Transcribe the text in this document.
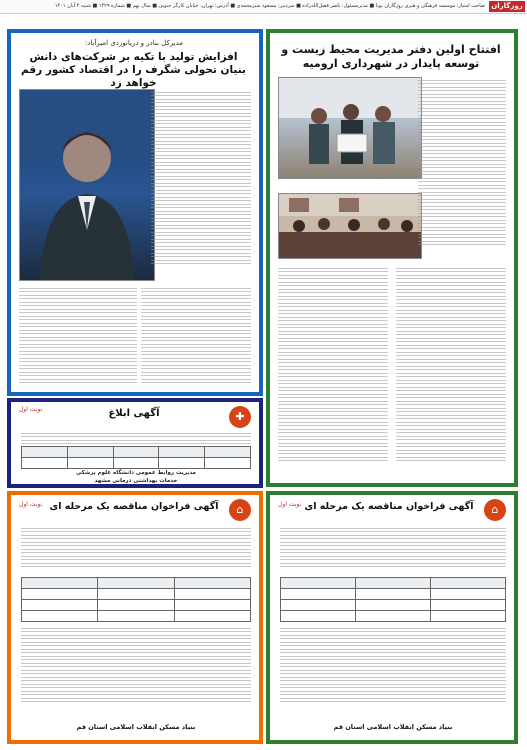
روزگاران
صاحب امتیاز: موسسه فرهنگی و هنری روزگاران پویا ■ مدیرمسئول: ناصر فضل‌الله‌زاده ■ سردبیر: مسعود شیرمحمدی ■ آدرس: تهران، خیابان کارگر جنوبی ■ سال نهم ■ شماره ۱۴۲۹ ■ شنبه ۴ آبان ۱۴۰۱
افتتاح اولین دفتر مدیریت محیط زیست و توسعه پایدار در شهرداری ارومیه
مدیرکل بنادر و دریانوردی امیرآباد:
افزایش تولید با تکیه بر شرکت‌های دانش بنیان تحولی شگرف را در اقتصاد کشور رقم خواهد زد
نوبت اول	آگهی ابلاغ	✚

مدیریت روابط عمومی دانشگاه علوم پزشکی
خدمات بهداشتی درمانی مشهد
نوبت اول آگهی فراخوان مناقصه یک مرحله ای	⌂

بنیاد مسکن انقلاب اسلامی استان قم
نوبت اول آگهی فراخوان مناقصه یک مرحله ای	⌂

بنیاد مسکن انقلاب اسلامی استان قم
